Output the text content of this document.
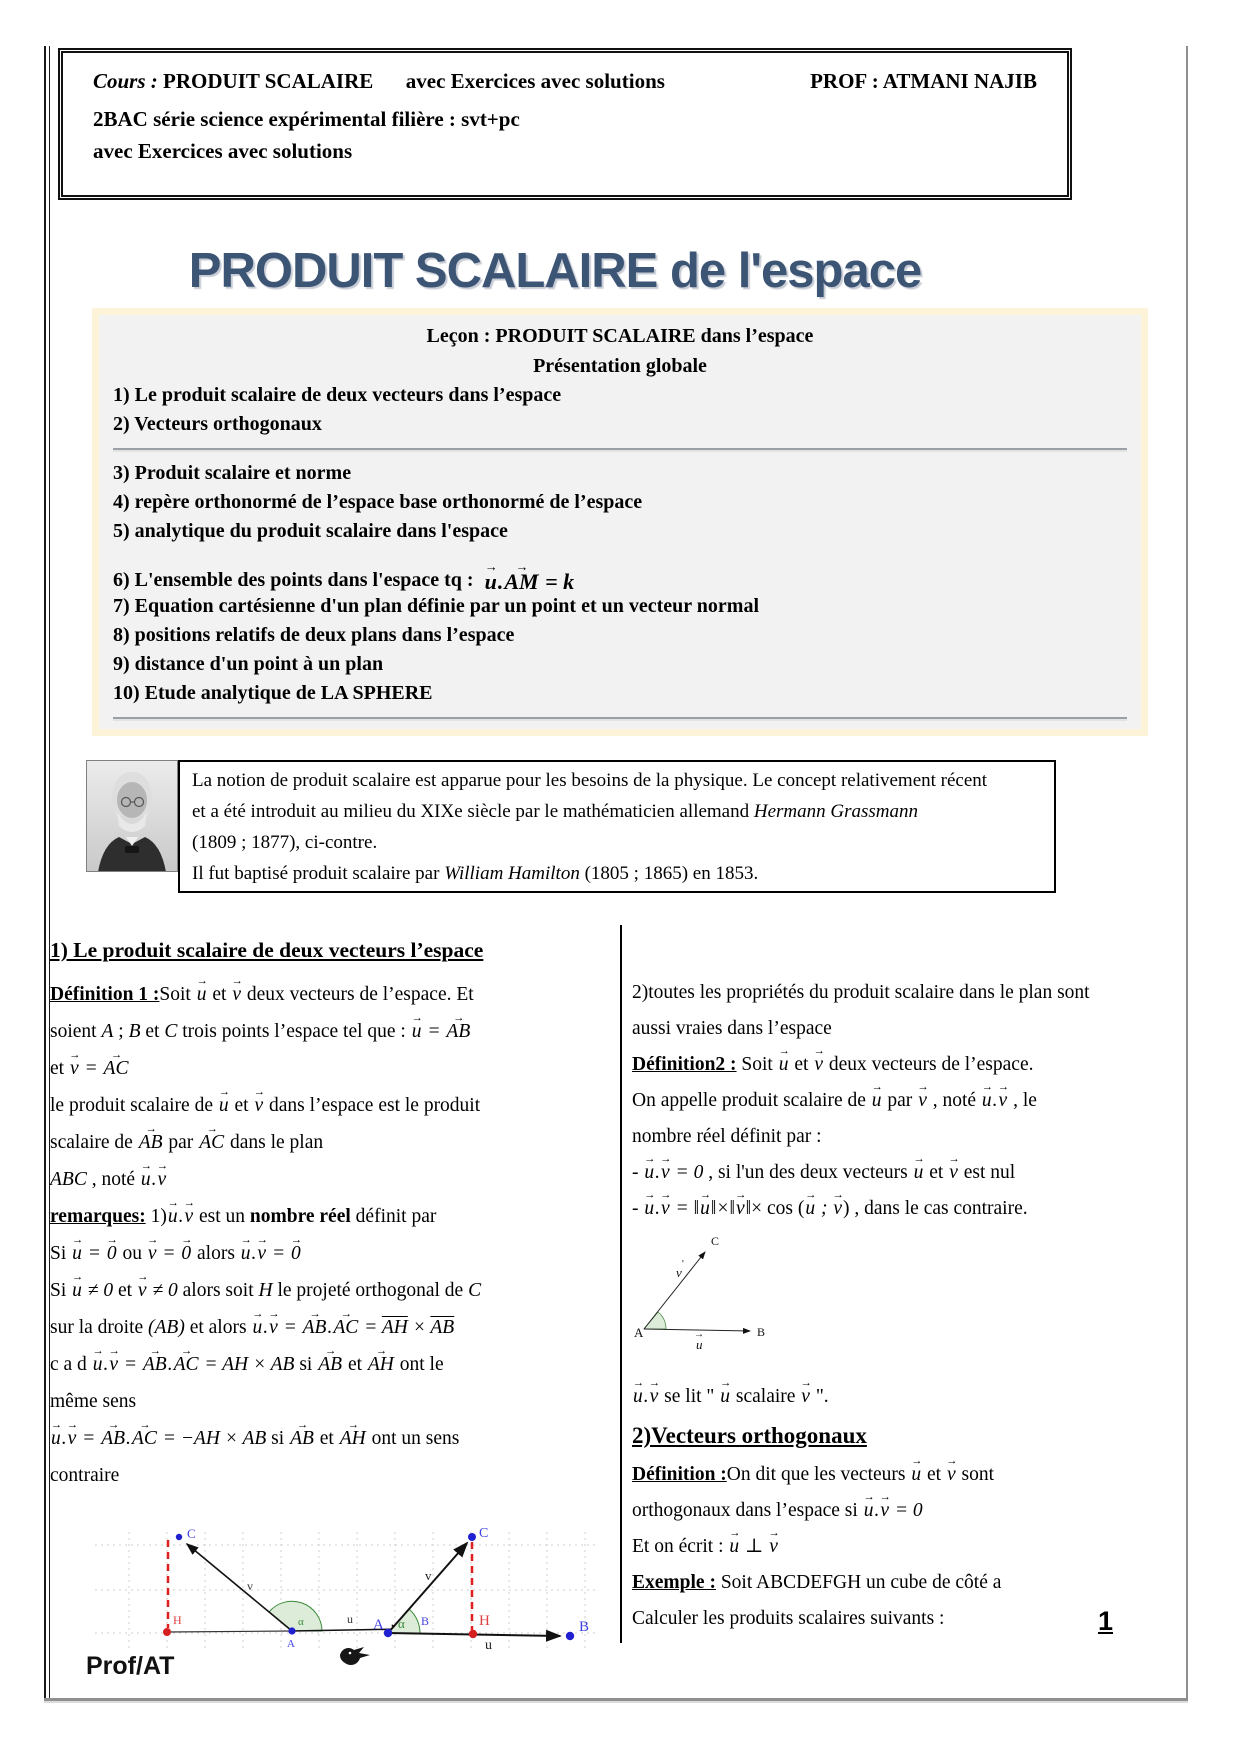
Cours : PRODUIT SCALAIRE avec Exercices avec solutions	PROF : ATMANI NAJIB
2BAC série science expérimental filière : svt+pc
avec Exercices avec solutions
PRODUIT SCALAIRE de l'espace
Leçon : PRODUIT SCALAIRE dans l’espace
Présentation globale
1) Le produit scalaire de deux vecteurs dans l’espace
2) Vecteurs orthogonaux
3) Produit scalaire et norme
4) repère orthonormé de l’espace base orthonormé de l’espace
5) analytique du produit scalaire dans l'espace
6) L'ensemble des points dans l'espace tq : u →.AM → = k
7) Equation cartésienne d'un plan définie par un point et un vecteur normal
8) positions relatifs de deux plans dans l’espace
9) distance d'un point à un plan
10) Etude analytique de LA SPHERE
La notion de produit scalaire est apparue pour les besoins de la physique. Le concept relativement récent
et a été introduit au milieu du XIXe siècle par le mathématicien allemand Hermann Grassmann
(1809 ; 1877), ci-contre.
Il fut baptisé produit scalaire par William Hamilton (1805 ; 1865) en 1853.
1) Le produit scalaire de deux vecteurs l’espace
Définition 1 :Soit u → et v → deux vecteurs de l’espace. Et
soient A ; B et C trois points l’espace tel que : u → = AB →
et v → = AC →
le produit scalaire de u → et v → dans l’espace est le produit
scalaire de AB → par AC → dans le plan
ABC , noté u →.v →
remarques: 1)u →.v → est un nombre réel définit par
Si u → = 0 → ou v → = 0 → alors u →.v → = 0 →
Si u → ≠ 0 et v → ≠ 0 alors soit H le projeté orthogonal de C
sur la droite (AB) et alors u →.v → = AB →.AC → = $\overline{AH} \times \overline{AB}$
c a d u →.v → = AB →.AC → = AH × AB si AB → et AH → ont le
même sens
u →.v → = AB →.AC → = −AH × AB si AB → et AH → ont un sens
contraire
C
H
A
B
u
v
α	A	B
H
C
u
v
α
2)toutes les propriétés du produit scalaire dans le plan sont
aussi vraies dans l’espace
Définition2 : Soit u → et v → deux vecteurs de l’espace.
On appelle produit scalaire de u → par v → , noté u →.v → , le
nombre réel définit par :
- u →.v → = 0 , si l'un des deux vecteurs u → et v → est nul
- u →.v → = ‖u →‖×‖v →‖× cos (u → ; v →) , dans le cas contraire.
A	B
C
u
→
v
'
u →.v → se lit " u → scalaire v → ".
2)Vecteurs orthogonaux
Définition :On dit que les vecteurs u → et v → sont
orthogonaux dans l’espace si u →.v → = 0
Et on écrit : u → ⊥ v →
Exemple : Soit ABCDEFGH un cube de côté a
Calculer les produits scalaires suivants :
Prof/AT
1
